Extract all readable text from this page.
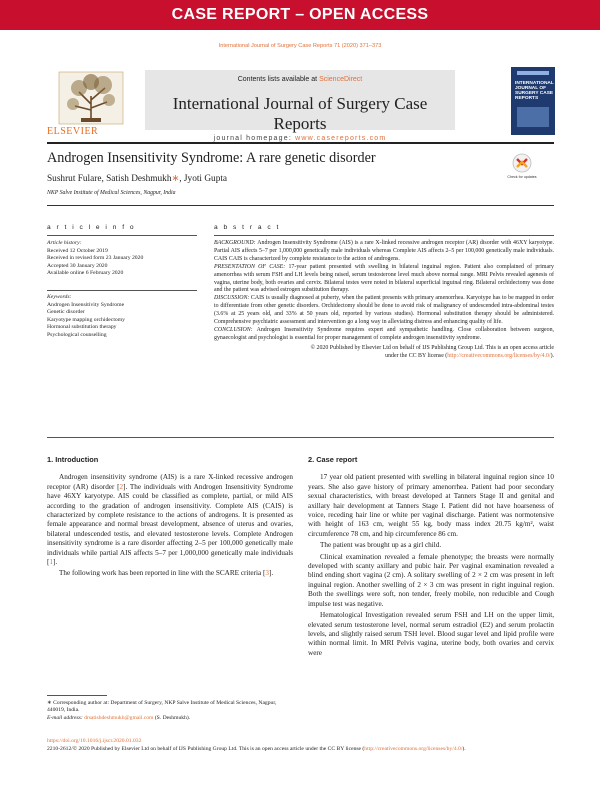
CASE REPORT – OPEN ACCESS
International Journal of Surgery Case Reports 71 (2020) 371–373
ELSEVIER
Contents lists available at ScienceDirect
International Journal of Surgery Case Reports
journal homepage: www.casereports.com
INTERNATIONAL JOURNAL OF SURGERY CASE REPORTS
Androgen Insensitivity Syndrome: A rare genetic disorder
Check for updates
Sushrut Fulare, Satish Deshmukh∗, Jyoti Gupta
NKP Salve Institute of Medical Sciences, Nagpur, India
a r t i c l e i n f o	a b s t r a c t
Article history:
Received 12 October 2019
Received in revised form 23 January 2020
Accepted 30 January 2020
Available online 6 February 2020
Keywords:
Androgen Insensitivity Syndrome
Genetic disorder
Karyotype mapping orchidectomy
Hormonal substitution therapy
Psychological counselling
BACKGROUND: Androgen Insensitivity Syndrome (AIS) is a rare X-linked recessive androgen receptor (AR) disorder with 46XY karyotype. Partial AIS affects 5–7 per 1,000,000 genetically male individuals whereas Complete AIS affects 2–5 per 100,000 genetically male individuals. CAIS CAIS is characterized by complete resistance to the action of androgens.
PRESENTATION OF CASE: 17-year patient presented with swelling in bilateral inguinal region. Patient also complained of primary amenorrhea with serum FSH and LH levels being raised, serum testosterone level much above normal range. MRI Pelvis revealed agenesis of vagina, uterine body, both ovaries and cervix. Bilateral testes were noted in bilateral superficial inguinal ring. Bilateral orchidectomy was done and the patient was advised estrogen substitution therapy.
DISCUSSION: CAIS is usually diagnosed at puberty, when the patient presents with primary amenorrhea. Karyotype has to be mapped in order to differentiate from other genetic disorders. Orchidectomy should be done to avoid risk of malignancy of undescended intra-abdominal testes (3.6% at 25 years old, and 33% at 50 years old, reported by various studies). Hormonal substitution therapy should be administered. Comprehensive psychiatric assessment and intervention go a long way in alleviating distress and enhancing quality of life.
CONCLUSION: Androgen Insensitivity Syndrome requires expert and sympathetic handling. Close collaboration between surgeon, gynaecologist and psychologist is essential for proper management of complete androgen insensitivity syndrome.
© 2020 Published by Elsevier Ltd on behalf of IJS Publishing Group Ltd. This is an open access article
under the CC BY license (http://creativecommons.org/licenses/by/4.0/).
1. Introduction

Androgen insensitivity syndrome (AIS) is a rare X-linked recessive androgen receptor (AR) disorder [2]. The individuals with Androgen Insensitivity Syndrome have 46XY karyotype. AIS could be classified as complete, partial, or mild AIS according to the gradation of androgen insensitivity. Complete AIS (CAIS) is characterized by complete resistance to the actions of androgens. It is presented as female appearance and normal breast development, absence of uterus and ovaries, bilateral undescended testis, and elevated testosterone levels. Complete Androgen insensitivity syndrome is a rare disorder affecting 2–5 per 100,000 genetically male individuals while partial AIS affects 5–7 per 1,000,000 genetically male individuals [1].

The following work has been reported in line with the SCARE criteria [3].

∗ Corresponding author at: Department of Surgery, NKP Salve Institute of Medical Sciences, Nagpur, 440019, India.
E-mail address: drsatishdeshmukh@gmail.com (S. Deshmukh).
2. Case report

17 year old patient presented with swelling in bilateral inguinal region since 10 years. She also gave history of primary amenorrhea. Patient had poor secondary sexual characteristics, with breast developed at Tanners Stage II and genital and axillary hair development at Tanners Stage I. Patient did not have hoarseness of voice, receding hair line or white per vaginal discharge. Patient was normotensive with height of 163 cm, weight 55 kg, body mass index 20.75 kg/m², waist circumference 78 cm, and hip circumference 86 cm.

The patient was brought up as a girl child.

Clinical examination revealed a female phenotype; the breasts were normally developed with scanty axillary and pubic hair. Per vaginal examination revealed a blind ending short vagina (2 cm). A solitary swelling of 2 × 2 cm was present in left inguinal region. Another swelling of 2 × 3 cm was present in right inguinal region. Both the swellings were soft, non tender, freely mobile, non reducible and Cough impulse test was negative.

Hematological Investigation revealed serum FSH and LH on the upper limit, elevated serum testosterone level, normal serum estradiol (E2) and serum prolactin levels, and slightly raised serum TSH level. Blood sugar level and lipid profile were within normal limit. In MRI Pelvis vagina, uterine body, both ovaries and cervix were

https://doi.org/10.1016/j.ijscr.2020.01.032
2210-2612/© 2020 Published by Elsevier Ltd on behalf of IJS Publishing Group Ltd. This is an open access article under the CC BY license (http://creativecommons.org/licenses/by/4.0/).
